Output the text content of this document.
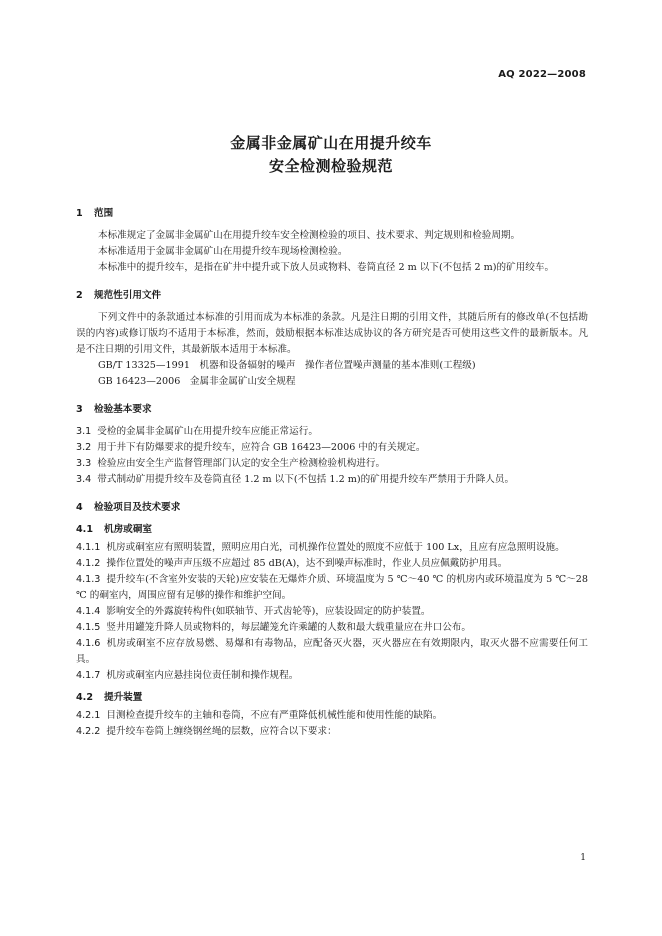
AQ 2022—2008
金属非金属矿山在用提升绞车
安全检测检验规范
1 范围

本标准规定了金属非金属矿山在用提升绞车安全检测检验的项目、技术要求、判定规则和检验周期。

本标准适用于金属非金属矿山在用提升绞车现场检测检验。

本标准中的提升绞车，是指在矿井中提升或下放人员或物料、卷筒直径 2 m 以下(不包括 2 m)的矿用绞车。

2 规范性引用文件

下列文件中的条款通过本标准的引用而成为本标准的条款。凡是注日期的引用文件，其随后所有的修改单(不包括勘误的内容)或修订版均不适用于本标准，然而，鼓励根据本标准达成协议的各方研究是否可使用这些文件的最新版本。凡是不注日期的引用文件，其最新版本适用于本标准。

GB/T 13325—1991　机器和设备辐射的噪声　操作者位置噪声测量的基本准则(工程级)

GB 16423—2006　金属非金属矿山安全规程

3 检验基本要求

3.1 受检的金属非金属矿山在用提升绞车应能正常运行。

3.2 用于井下有防爆要求的提升绞车，应符合 GB 16423—2006 中的有关规定。

3.3 检验应由安全生产监督管理部门认定的安全生产检测检验机构进行。

3.4 带式制动矿用提升绞车及卷筒直径 1.2 m 以下(不包括 1.2 m)的矿用提升绞车严禁用于升降人员。

4 检验项目及技术要求
4.1 机房或硐室

4.1.1 机房或硐室应有照明装置，照明应用白光，司机操作位置处的照度不应低于 100 Lx，且应有应急照明设施。

4.1.2 操作位置处的噪声声压级不应超过 85 dB(A)，达不到噪声标准时，作业人员应佩戴防护用具。

4.1.3 提升绞车(不含室外安装的天轮)应安装在无爆炸介质、环境温度为 5 ℃～40 ℃ 的机房内或环境温度为 5 ℃～28 ℃ 的硐室内，周围应留有足够的操作和维护空间。

4.1.4 影响安全的外露旋转构件(如联轴节、开式齿轮等)，应装设固定的防护装置。

4.1.5 竖井用罐笼升降人员或物料的，每层罐笼允许乘罐的人数和最大载重量应在井口公布。

4.1.6 机房或硐室不应存放易燃、易爆和有毒物品，应配备灭火器，灭火器应在有效期限内，取灭火器不应需要任何工具。

4.1.7 机房或硐室内应悬挂岗位责任制和操作规程。

4.2 提升装置

4.2.1 目测检查提升绞车的主轴和卷筒，不应有严重降低机械性能和使用性能的缺陷。

4.2.2 提升绞车卷筒上缠绕钢丝绳的层数，应符合以下要求：

1
